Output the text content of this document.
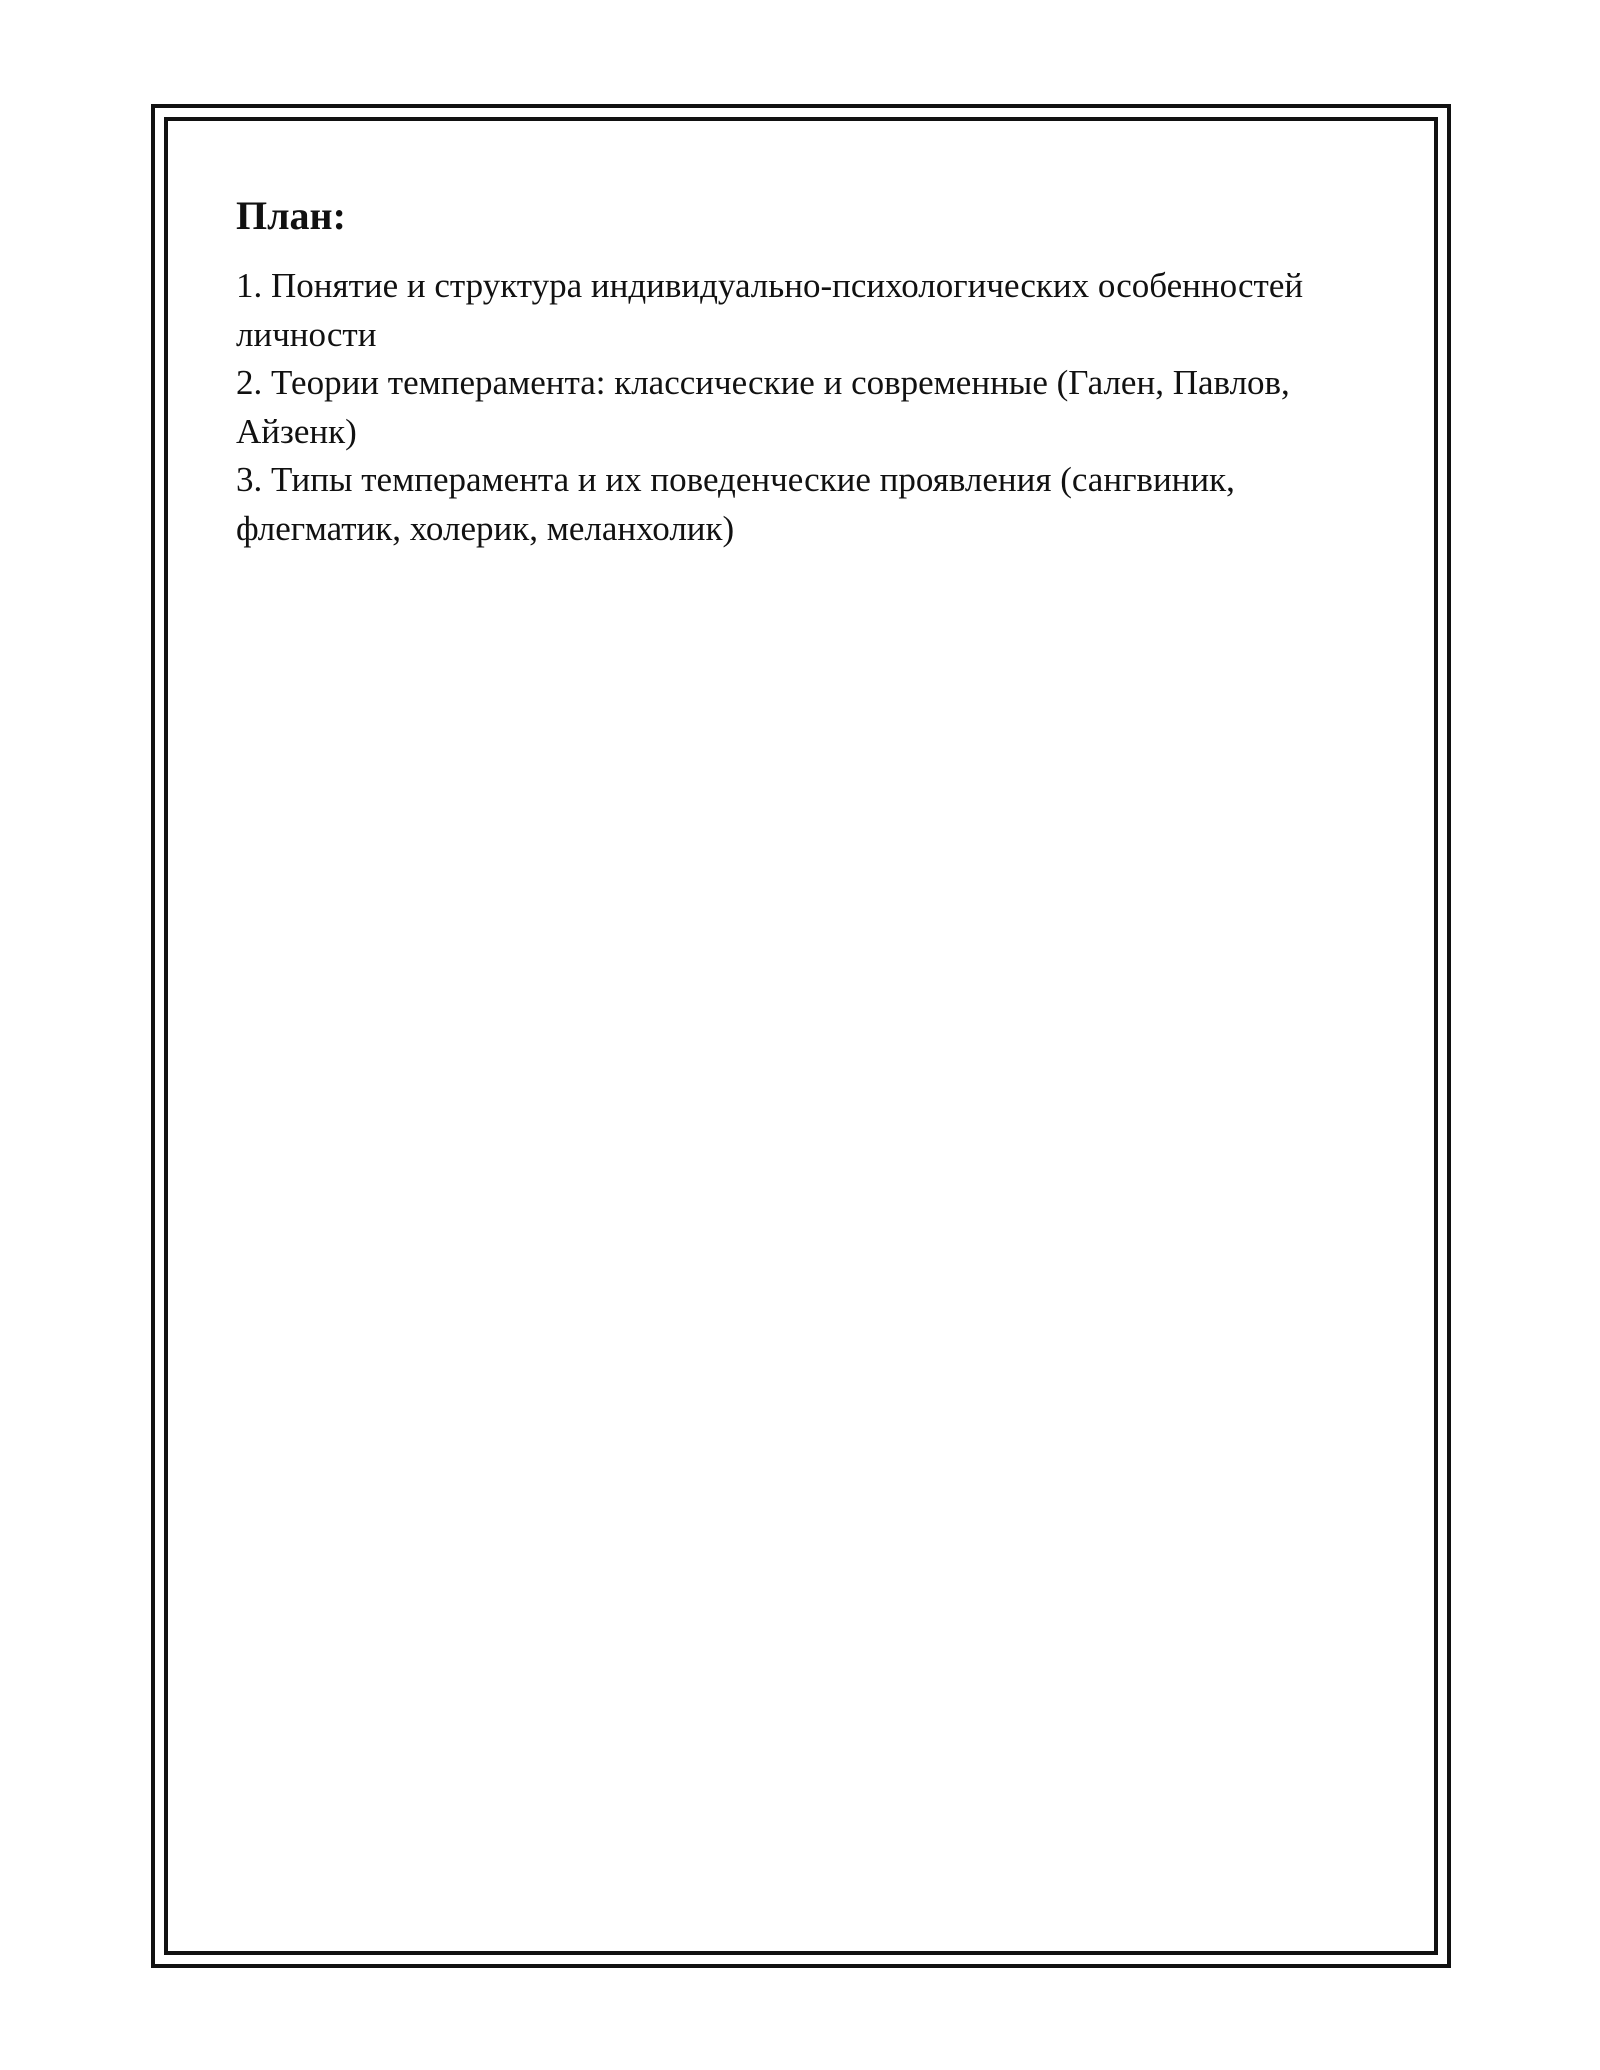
План:
1. Понятие и структура индивидуально-психологических особенностей личности
2. Теории темперамента: классические и современные (Гален, Павлов, Айзенк)
3. Типы темперамента и их поведенческие проявления (сангвиник, флегматик, холерик, меланхолик)
